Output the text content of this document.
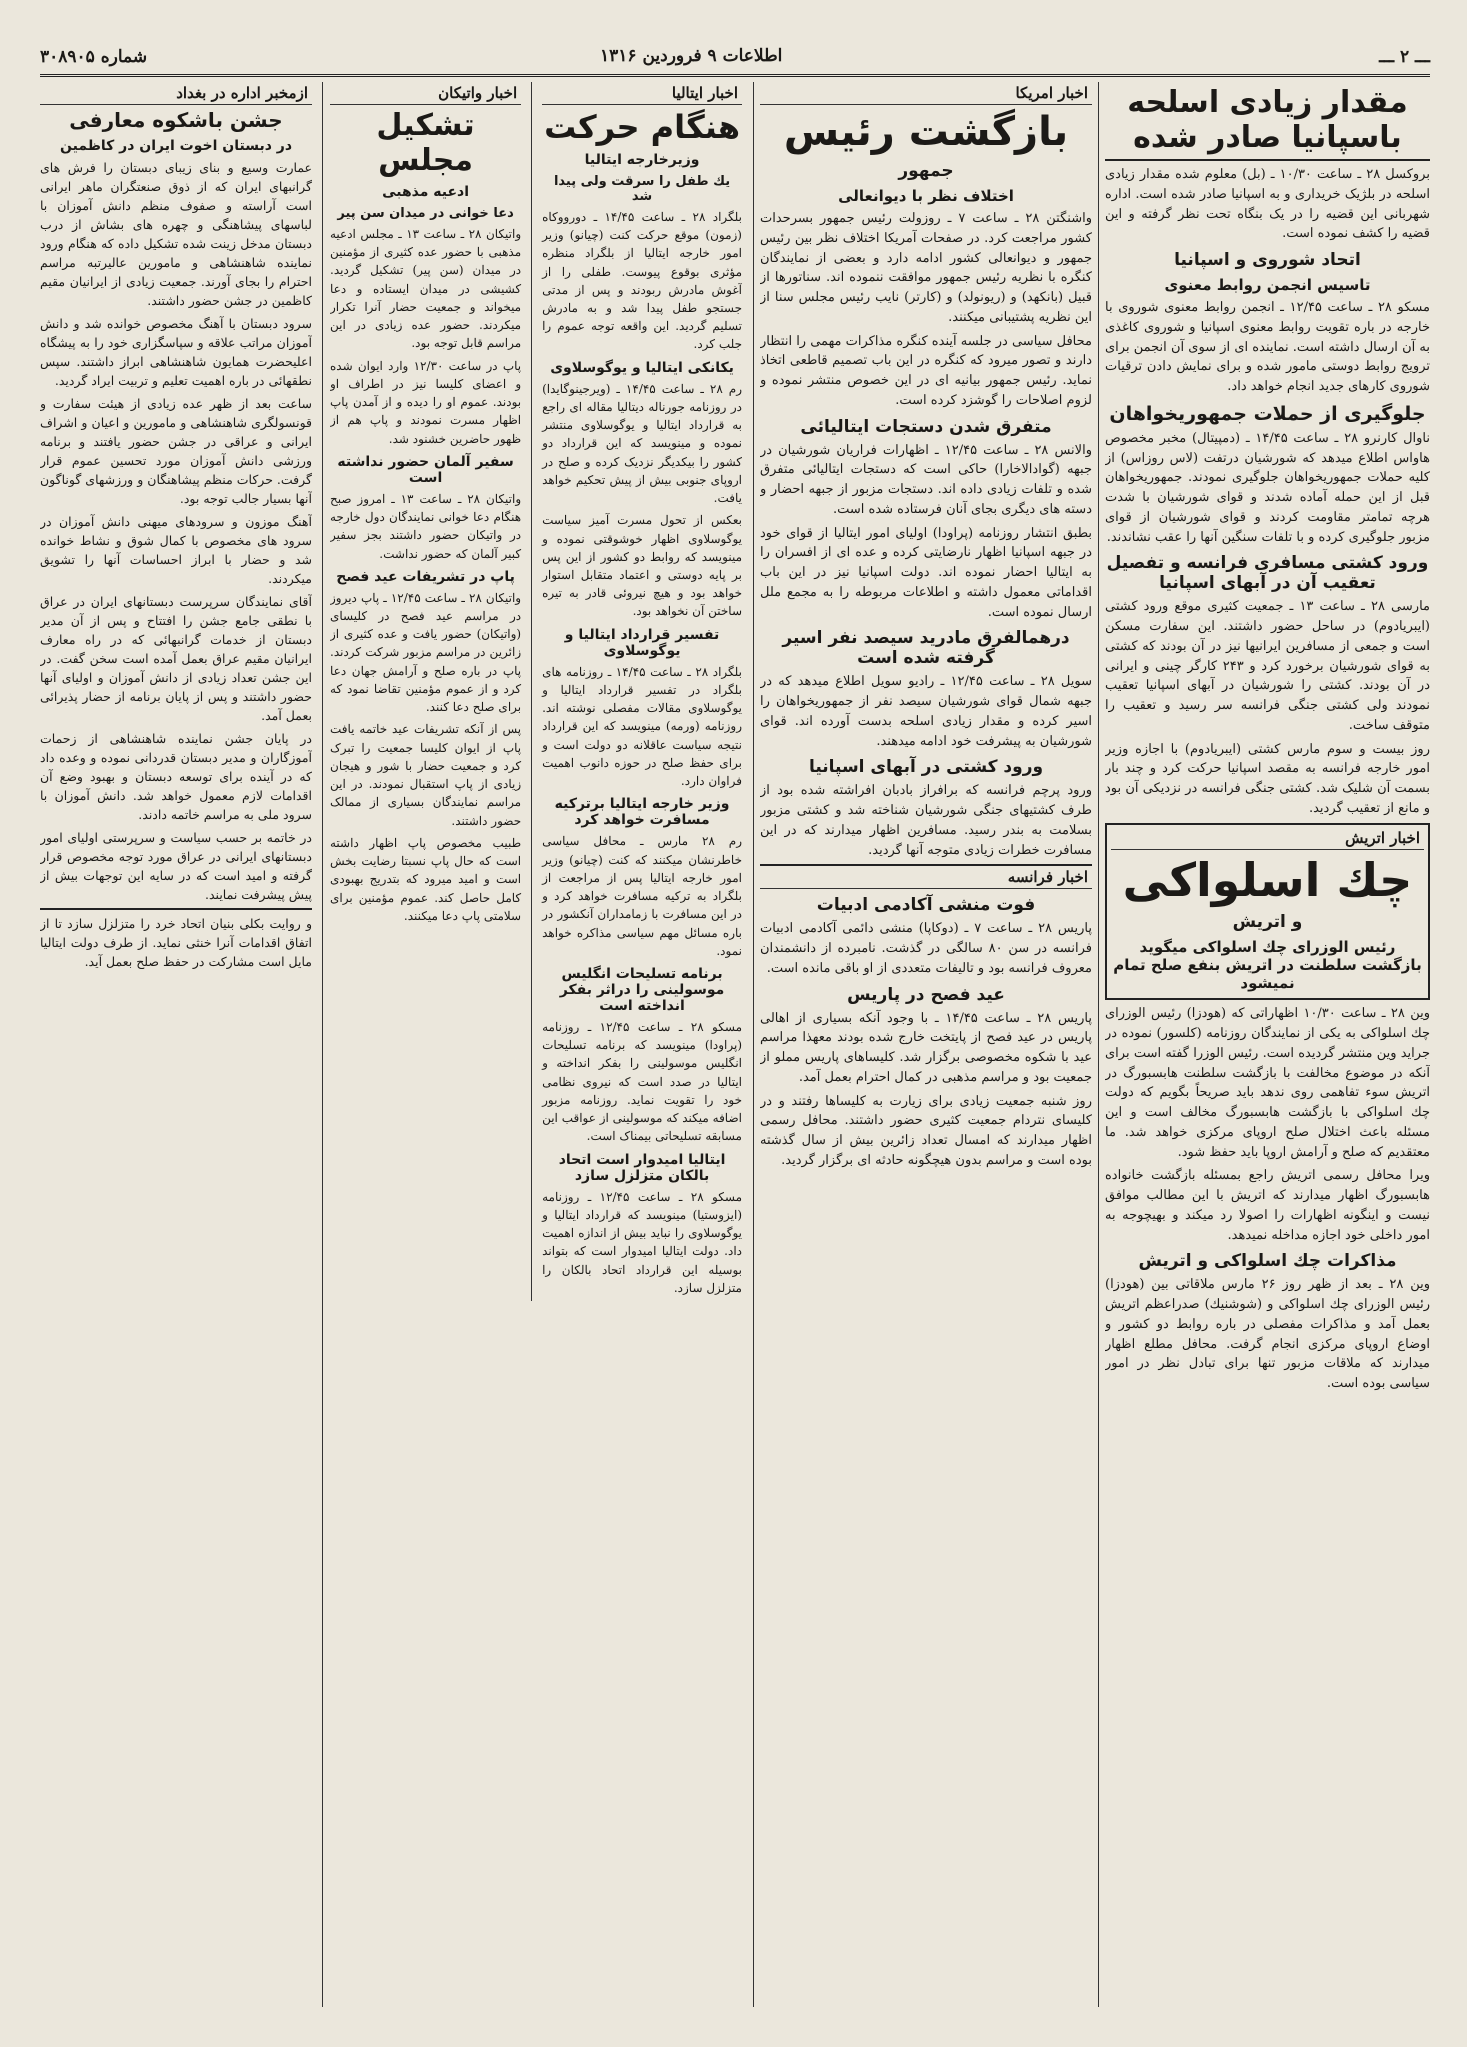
ـــ ۲ ـــ
اطلاعات ۹ فروردین ۱۳۱۶
شماره ۳۰۸۹۰۵
مقدار زیادی اسلحه باسپانیا صادر شده

بروکسل ۲۸ ـ ساعت ۱۰/۳۰ ـ (بل) معلوم شده مقدار زیادی اسلحه در بلژیک خریداری و به اسپانیا صادر شده است. اداره شهربانی این قضیه را در یک بنگاه تحت نظر گرفته و این قضیه را کشف نموده است.

اتحاد شوروی و اسپانیا
تاسیس انجمن روابط معنوی

مسکو ۲۸ ـ ساعت ۱۲/۴۵ ـ انجمن روابط معنوی شوروی با خارجه در باره تقویت روابط معنوی اسپانیا و شوروی کاغذی به آن ارسال داشته است. نماینده ای از سوی آن انجمن برای ترویج روابط دوستی مامور شده و برای نمایش دادن ترقیات شوروی کارهای جدید انجام خواهد داد.

جلوگیری از حملات جمهوریخواهان

ناوال کارنرو ۲۸ ـ ساعت ۱۴/۴۵ ـ (دمپیتال) مخبر مخصوص هاواس اطلاع میدهد که شورشیان درتفت (لاس روزاس) از کلیه حملات جمهوریخواهان جلوگیری نمودند. جمهوریخواهان قبل از این حمله آماده شدند و قوای شورشیان با شدت هرچه تمامتر مقاومت کردند و قوای شورشیان از قوای مزبور جلوگیری کرده و با تلفات سنگین آنها را عقب نشاندند.

ورود کشتی مسافری فرانسه و تفصیل تعقیب آن در آبهای اسپانیا

مارسی ۲۸ ـ ساعت ۱۳ ـ جمعیت کثیری موقع ورود کشتی (ایبریادوم) در ساحل حضور داشتند. این سفارت مسکن است و جمعی از مسافرین ایرانیها نیز در آن بودند که کشتی به قوای شورشیان برخورد کرد و ۲۴۳ کارگر چینی و ایرانی در آن بودند. کشتی را شورشیان در آبهای اسپانیا تعقیب نمودند ولی کشتی جنگی فرانسه سر رسید و تعقیب را متوقف ساخت.

روز بیست و سوم مارس کشتی (ایبریادوم) با اجازه وزیر امور خارجه فرانسه به مقصد اسپانیا حرکت کرد و چند بار بسمت آن شلیک شد. کشتی جنگی فرانسه در نزدیکی آن بود و مانع از تعقیب گردید.

اخبار اتریش
چك اسلواكی
و اتریش
رئیس الوزرای چك اسلواكی میگوید بازگشت سلطنت در اتریش بنفع صلح تمام نمیشود

وین ۲۸ ـ ساعت ۱۰/۳۰ اظهاراتی که (هودزا) رئیس الوزرای چك اسلواكی به یکی از نمایندگان روزنامه (کلسور) نموده در جراید وین منتشر گردیده است. رئیس الوزرا گفته است برای آنکه در موضوع مخالفت با بازگشت سلطنت هابسبورگ در اتریش سوء تفاهمی روی ندهد باید صریحاً بگویم که دولت چك اسلواكی با بازگشت هابسبورگ مخالف است و این مسئله باعث اختلال صلح اروپای مرکزی خواهد شد. ما معتقدیم که صلح و آرامش اروپا باید حفظ شود.

ویرا محافل رسمی اتریش راجع بمسئله بازگشت خانواده هابسبورگ اظهار میدارند که اتریش با این مطالب موافق نیست و اینگونه اظهارات را اصولا رد میکند و بهیچوجه به امور داخلی خود اجازه مداخله نمیدهد.

مذاکرات چك اسلواكی و اتریش

وین ۲۸ ـ بعد از ظهر روز ۲۶ مارس ملاقاتی بین (هودزا) رئیس الوزرای چك اسلواكی و (شوشنیك) صدراعظم اتریش بعمل آمد و مذاکرات مفصلی در باره روابط دو کشور و اوضاع اروپای مرکزی انجام گرفت. محافل مطلع اظهار میدارند که ملاقات مزبور تنها برای تبادل نظر در امور سیاسی بوده است.

اخبار امریکا
بازگشت رئیس
جمهور
اختلاف نظر با دیوانعالی

واشنگتن ۲۸ ـ ساعت ۷ ـ روزولت رئیس جمهور بسرحدات کشور مراجعت کرد. در صفحات آمریکا اختلاف نظر بین رئیس جمهور و دیوانعالی کشور ادامه دارد و بعضی از نمایندگان کنگره با نظریه رئیس جمهور موافقت ننموده اند. سناتورها از قبیل (بانکهد) و (ریونولد) و (کارتر) نایب رئیس مجلس سنا از این نظریه پشتیبانی میکنند.

محافل سیاسی در جلسه آینده کنگره مذاکرات مهمی را انتظار دارند و تصور میرود که کنگره در این باب تصمیم قاطعی اتخاذ نماید. رئیس جمهور بیانیه ای در این خصوص منتشر نموده و لزوم اصلاحات را گوشزد کرده است.

متفرق شدن دستجات ایتالیائی

والانس ۲۸ ـ ساعت ۱۲/۴۵ ـ اظهارات فراریان شورشیان در جبهه (گوادالاخارا) حاکی است که دستجات ایتالیائی متفرق شده و تلفات زیادی داده اند. دستجات مزبور از جبهه احضار و دسته های دیگری بجای آنان فرستاده شده است.

بطبق انتشار روزنامه (پراودا) اولیای امور ایتالیا از قوای خود در جبهه اسپانیا اظهار نارضایتی کرده و عده ای از افسران را به ایتالیا احضار نموده اند. دولت اسپانیا نیز در این باب اقداماتی معمول داشته و اطلاعات مربوطه را به مجمع ملل ارسال نموده است.

درهمالفرق مادرید سیصد نفر اسیر گرفته شده است

سویل ۲۸ ـ ساعت ۱۲/۴۵ ـ رادیو سویل اطلاع میدهد که در جبهه شمال قوای شورشیان سیصد نفر از جمهوریخواهان را اسیر کرده و مقدار زیادی اسلحه بدست آورده اند. قوای شورشیان به پیشرفت خود ادامه میدهند.

ورود کشتی در آبهای اسپانیا

ورود پرچم فرانسه که برافراز بادبان افراشته شده بود از طرف کشتیهای جنگی شورشیان شناخته شد و کشتی مزبور بسلامت به بندر رسید. مسافرین اظهار میدارند که در این مسافرت خطرات زیادی متوجه آنها گردید.

اخبار فرانسه
فوت منشی آکادمی ادبیات

پاریس ۲۸ ـ ساعت ۷ ـ (دوکاپا) منشی دائمی آکادمی ادبیات فرانسه در سن ۸۰ سالگی در گذشت. نامبرده از دانشمندان معروف فرانسه بود و تالیفات متعددی از او باقی مانده است.

عید فصح در پاریس

پاریس ۲۸ ـ ساعت ۱۴/۴۵ ـ با وجود آنکه بسیاری از اهالی پاریس در عید فصح از پایتخت خارج شده بودند معهذا مراسم عید با شکوه مخصوصی برگزار شد. کلیساهای پاریس مملو از جمعیت بود و مراسم مذهبی در کمال احترام بعمل آمد.

روز شنبه جمعیت زیادی برای زیارت به کلیساها رفتند و در کلیسای نتردام جمعیت کثیری حضور داشتند. محافل رسمی اظهار میدارند که امسال تعداد زائرین بیش از سال گذشته بوده است و مراسم بدون هیچگونه حادثه ای برگزار گردید.

اخبار ایتالیا
هنگام حرکت
وزیرخارجه ایتالیا
یك طفل را سرقت ولی پیدا شد

بلگراد ۲۸ ـ ساعت ۱۴/۴۵ ـ دورووکاه (زمون) موقع حرکت کنت (چیانو) وزیر امور خارجه ایتالیا از بلگراد منظره مؤثری بوقوع پیوست. طفلی را از آغوش مادرش ربودند و پس از مدتی جستجو طفل پیدا شد و به مادرش تسلیم گردید. این واقعه توجه عموم را جلب کرد.

یکانکی ایتالیا و یوگوسلاوی

رم ۲۸ ـ ساعت ۱۴/۴۵ ـ (ویرجینوگایدا) در روزنامه جورناله دیتالیا مقاله ای راجع به قرارداد ایتالیا و یوگوسلاوی منتشر نموده و مینویسد که این قرارداد دو کشور را بیکدیگر نزدیک کرده و صلح در اروپای جنوبی بیش از پیش تحکیم خواهد یافت.

بعکس از تحول مسرت آمیز سیاست یوگوسلاوی اظهار خوشوقتی نموده و مینویسد که روابط دو کشور از این پس بر پایه دوستی و اعتماد متقابل استوار خواهد بود و هیچ نیروئی قادر به تیره ساختن آن نخواهد بود.

تفسیر قرارداد ایتالیا و یوگوسلاوی

بلگراد ۲۸ ـ ساعت ۱۴/۴۵ ـ روزنامه های بلگراد در تفسیر قرارداد ایتالیا و یوگوسلاوی مقالات مفصلی نوشته اند. روزنامه (ورمه) مینویسد که این قرارداد نتیجه سیاست عاقلانه دو دولت است و برای حفظ صلح در حوزه دانوب اهمیت فراوان دارد.

وزیر خارجه ایتالیا برترکیه مسافرت خواهد کرد

رم ۲۸ مارس ـ محافل سیاسی خاطرنشان میکنند که کنت (چیانو) وزیر امور خارجه ایتالیا پس از مراجعت از بلگراد به ترکیه مسافرت خواهد کرد و در این مسافرت با زمامداران آنکشور در باره مسائل مهم سیاسی مذاکره خواهد نمود.

برنامه تسلیحات انگلیس موسولینی را دراثر بفكر انداخته است

مسکو ۲۸ ـ ساعت ۱۲/۴۵ ـ روزنامه (پراودا) مینویسد که برنامه تسلیحات انگلیس موسولینی را بفکر انداخته و ایتالیا در صدد است که نیروی نظامی خود را تقویت نماید. روزنامه مزبور اضافه میکند که موسولینی از عواقب این مسابقه تسلیحاتی بیمناک است.

ایتالیا امیدوار است اتحاد بالکان متزلزل سازد

مسکو ۲۸ ـ ساعت ۱۲/۴۵ ـ روزنامه (ایزوستیا) مینویسد که قرارداد ایتالیا و یوگوسلاوی را نباید بیش از اندازه اهمیت داد. دولت ایتالیا امیدوار است که بتواند بوسیله این قرارداد اتحاد بالکان را متزلزل سازد.

اخبار واتیکان
تشکیل مجلس
ادعیه مذهبی
دعا خوانی در میدان سن پیر

واتیکان ۲۸ ـ ساعت ۱۳ ـ مجلس ادعیه مذهبی با حضور عده کثیری از مؤمنین در میدان (سن پیر) تشکیل گردید. کشیشی در میدان ایستاده و دعا میخواند و جمعیت حضار آنرا تکرار میکردند. حضور عده زیادی در این مراسم قابل توجه بود.

پاپ در ساعت ۱۲/۳۰ وارد ایوان شده و اعضای کلیسا نیز در اطراف او بودند. عموم او را دیده و از آمدن پاپ اظهار مسرت نمودند و پاپ هم از ظهور حاضرین خشنود شد.

سفیر آلمان حضور نداشته است

واتیکان ۲۸ ـ ساعت ۱۳ ـ امروز صبح هنگام دعا خوانی نمایندگان دول خارجه در واتیکان حضور داشتند بجز سفیر کبیر آلمان که حضور نداشت.

پاپ در تشریفات عید فصح

واتیکان ۲۸ ـ ساعت ۱۲/۴۵ ـ پاپ دیروز در مراسم عید فصح در کلیسای (واتیکان) حضور یافت و عده کثیری از زائرین در مراسم مزبور شرکت کردند. پاپ در باره صلح و آرامش جهان دعا کرد و از عموم مؤمنین تقاضا نمود که برای صلح دعا کنند.

پس از آنکه تشریفات عید خاتمه یافت پاپ از ایوان کلیسا جمعیت را تبرک کرد و جمعیت حضار با شور و هیجان زیادی از پاپ استقبال نمودند. در این مراسم نمایندگان بسیاری از ممالک حضور داشتند.

طبیب مخصوص پاپ اظهار داشته است که حال پاپ نسبتا رضایت بخش است و امید میرود که بتدریج بهبودی کامل حاصل کند. عموم مؤمنین برای سلامتی پاپ دعا میکنند.

ازمخبر اداره در بغداد
جشن باشکوه معارفی
در دبستان اخوت ایران در کاظمین

عمارت وسیع و بنای زیبای دبستان را فرش های گرانبهای ایران که از ذوق صنعتگران ماهر ایرانی است آراسته و صفوف منظم دانش آموزان با لباسهای پیشاهنگی و چهره های بشاش از درب دبستان مدخل زینت شده تشکیل داده که هنگام ورود نماینده شاهنشاهی و مامورین عالیرتبه مراسم احترام را بجای آورند. جمعیت زیادی از ایرانیان مقیم کاظمین در جشن حضور داشتند.

سرود دبستان با آهنگ مخصوص خوانده شد و دانش آموزان مراتب علاقه و سپاسگزاری خود را به پیشگاه اعلیحضرت همایون شاهنشاهی ابراز داشتند. سپس نطقهائی در باره اهمیت تعلیم و تربیت ایراد گردید.

ساعت بعد از ظهر عده زیادی از هیئت سفارت و قونسولگری شاهنشاهی و مامورین و اعیان و اشراف ایرانی و عراقی در جشن حضور یافتند و برنامه ورزشی دانش آموزان مورد تحسین عموم قرار گرفت. حرکات منظم پیشاهنگان و ورزشهای گوناگون آنها بسیار جالب توجه بود.

آهنگ موزون و سرودهای میهنی دانش آموزان در سرود های مخصوص با کمال شوق و نشاط خوانده شد و حضار با ابراز احساسات آنها را تشویق میکردند.

آقای نمایندگان سرپرست دبستانهای ایران در عراق با نطقی جامع جشن را افتتاح و پس از آن مدیر دبستان از خدمات گرانبهائی که در راه معارف ایرانیان مقیم عراق بعمل آمده است سخن گفت. در این جشن تعداد زیادی از دانش آموزان و اولیای آنها حضور داشتند و پس از پایان برنامه از حضار پذیرائی بعمل آمد.

در پایان جشن نماینده شاهنشاهی از زحمات آموزگاران و مدیر دبستان قدردانی نموده و وعده داد که در آینده برای توسعه دبستان و بهبود وضع آن اقدامات لازم معمول خواهد شد. دانش آموزان با سرود ملی به مراسم خاتمه دادند.

در خاتمه بر حسب سیاست و سرپرستی اولیای امور دبستانهای ایرانی در عراق مورد توجه مخصوص قرار گرفته و امید است که در سایه این توجهات بیش از پیش پیشرفت نمایند.

و روایت بکلی بنیان اتحاد خرد را متزلزل سازد تا از اتفاق اقدامات آنرا خنثی نماید. از طرف دولت ایتالیا مایل است مشارکت در حفظ صلح بعمل آید.
